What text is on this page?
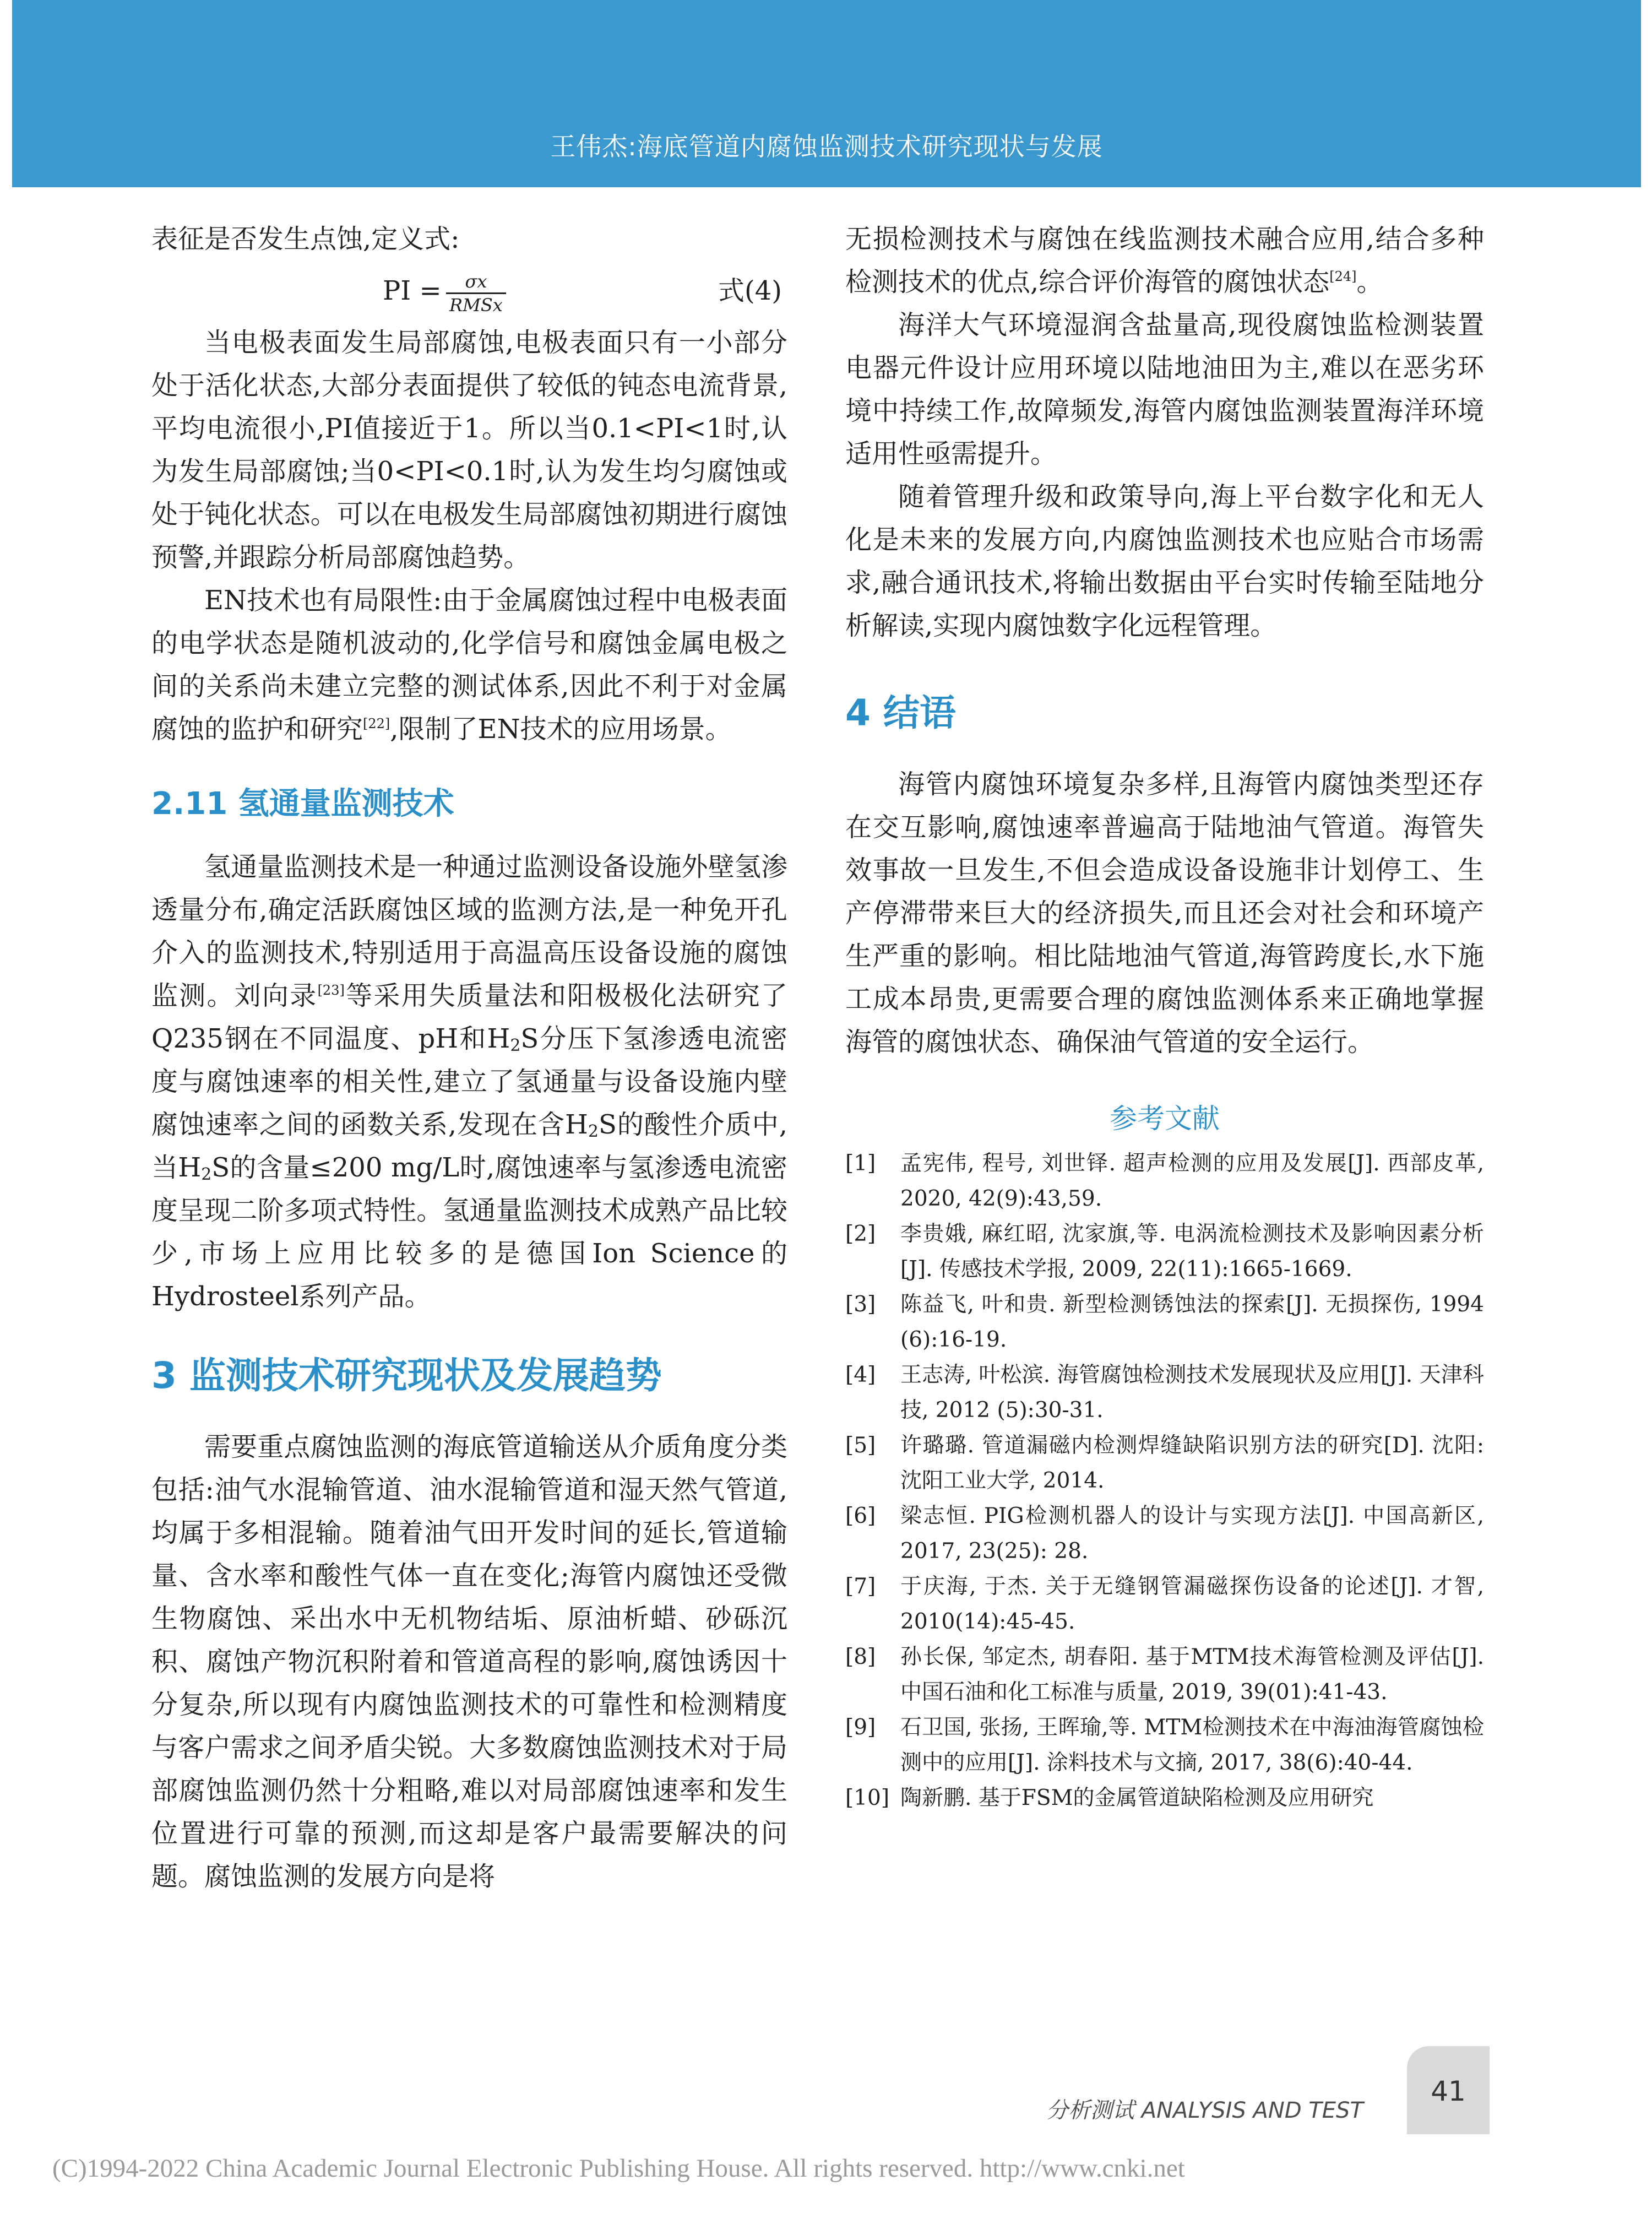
王伟杰:海底管道内腐蚀监测技术研究现状与发展

表征是否发生点蚀,定义式:

PI =	σx
RMSx	式(4)

当电极表面发生局部腐蚀,电极表面只有一小部分处于活化状态,大部分表面提供了较低的钝态电流背景,平均电流很小,PI值接近于1。所以当0.1<PI<1时,认为发生局部腐蚀;当0<PI<0.1时,认为发生均匀腐蚀或处于钝化状态。可以在电极发生局部腐蚀初期进行腐蚀预警,并跟踪分析局部腐蚀趋势。

EN技术也有局限性:由于金属腐蚀过程中电极表面的电学状态是随机波动的,化学信号和腐蚀金属电极之间的关系尚未建立完整的测试体系,因此不利于对金属腐蚀的监护和研究[22],限制了EN技术的应用场景。

2.11 氢通量监测技术

氢通量监测技术是一种通过监测设备设施外壁氢渗透量分布,确定活跃腐蚀区域的监测方法,是一种免开孔介入的监测技术,特别适用于高温高压设备设施的腐蚀监测。刘向录[23]等采用失质量法和阳极极化法研究了Q235钢在不同温度、pH和$H_2S$分压下氢渗透电流密度与腐蚀速率的相关性,建立了氢通量与设备设施内壁腐蚀速率之间的函数关系,发现在含$H_2S$的酸性介质中,当$H_2S$的含量≤200 mg/L时,腐蚀速率与氢渗透电流密度呈现二阶多项式特性。氢通量监测技术成熟产品比较少,市场上应用比较多的是德国Ion Science的Hydrosteel系列产品。

3 监测技术研究现状及发展趋势

需要重点腐蚀监测的海底管道输送从介质角度分类包括:油气水混输管道、油水混输管道和湿天然气管道,均属于多相混输。随着油气田开发时间的延长,管道输量、含水率和酸性气体一直在变化;海管内腐蚀还受微生物腐蚀、采出水中无机物结垢、原油析蜡、砂砾沉积、腐蚀产物沉积附着和管道高程的影响,腐蚀诱因十分复杂,所以现有内腐蚀监测技术的可靠性和检测精度与客户需求之间矛盾尖锐。大多数腐蚀监测技术对于局部腐蚀监测仍然十分粗略,难以对局部腐蚀速率和发生位置进行可靠的预测,而这却是客户最需要解决的问题。腐蚀监测的发展方向是将

无损检测技术与腐蚀在线监测技术融合应用,结合多种检测技术的优点,综合评价海管的腐蚀状态[24]。

海洋大气环境湿润含盐量高,现役腐蚀监检测装置电器元件设计应用环境以陆地油田为主,难以在恶劣环境中持续工作,故障频发,海管内腐蚀监测装置海洋环境适用性亟需提升。

随着管理升级和政策导向,海上平台数字化和无人化是未来的发展方向,内腐蚀监测技术也应贴合市场需求,融合通讯技术,将输出数据由平台实时传输至陆地分析解读,实现内腐蚀数字化远程管理。

4 结语

海管内腐蚀环境复杂多样,且海管内腐蚀类型还存在交互影响,腐蚀速率普遍高于陆地油气管道。海管失效事故一旦发生,不但会造成设备设施非计划停工、生产停滞带来巨大的经济损失,而且还会对社会和环境产生严重的影响。相比陆地油气管道,海管跨度长,水下施工成本昂贵,更需要合理的腐蚀监测体系来正确地掌握海管的腐蚀状态、确保油气管道的安全运行。

参考文献

[1] 孟宪伟, 程号, 刘世铎. 超声检测的应用及发展[J]. 西部皮革, 2020, 42(9):43,59.

[2] 李贵娥, 麻红昭, 沈家旗,等. 电涡流检测技术及影响因素分析[J]. 传感技术学报, 2009, 22(11):1665-1669.

[3] 陈益飞, 叶和贵. 新型检测锈蚀法的探索[J]. 无损探伤, 1994 (6):16-19.

[4] 王志涛, 叶松滨. 海管腐蚀检测技术发展现状及应用[J]. 天津科技, 2012 (5):30-31.

[5] 许璐璐. 管道漏磁内检测焊缝缺陷识别方法的研究[D]. 沈阳:沈阳工业大学, 2014.

[6] 梁志恒. PIG检测机器人的设计与实现方法[J]. 中国高新区, 2017, 23(25): 28.

[7] 于庆海, 于杰. 关于无缝钢管漏磁探伤设备的论述[J]. 才智, 2010(14):45-45.

[8] 孙长保, 邹定杰, 胡春阳. 基于MTM技术海管检测及评估[J]. 中国石油和化工标准与质量, 2019, 39(01):41-43.

[9] 石卫国, 张扬, 王晖瑜,等. MTM检测技术在中海油海管腐蚀检测中的应用[J]. 涂料技术与文摘, 2017, 38(6):40-44.

[10] 陶新鹏. 基于FSM的金属管道缺陷检测及应用研究

分析测试 ANALYSIS AND TEST
41
(C)1994-2022 China Academic Journal Electronic Publishing House. All rights reserved. http://www.cnki.net
